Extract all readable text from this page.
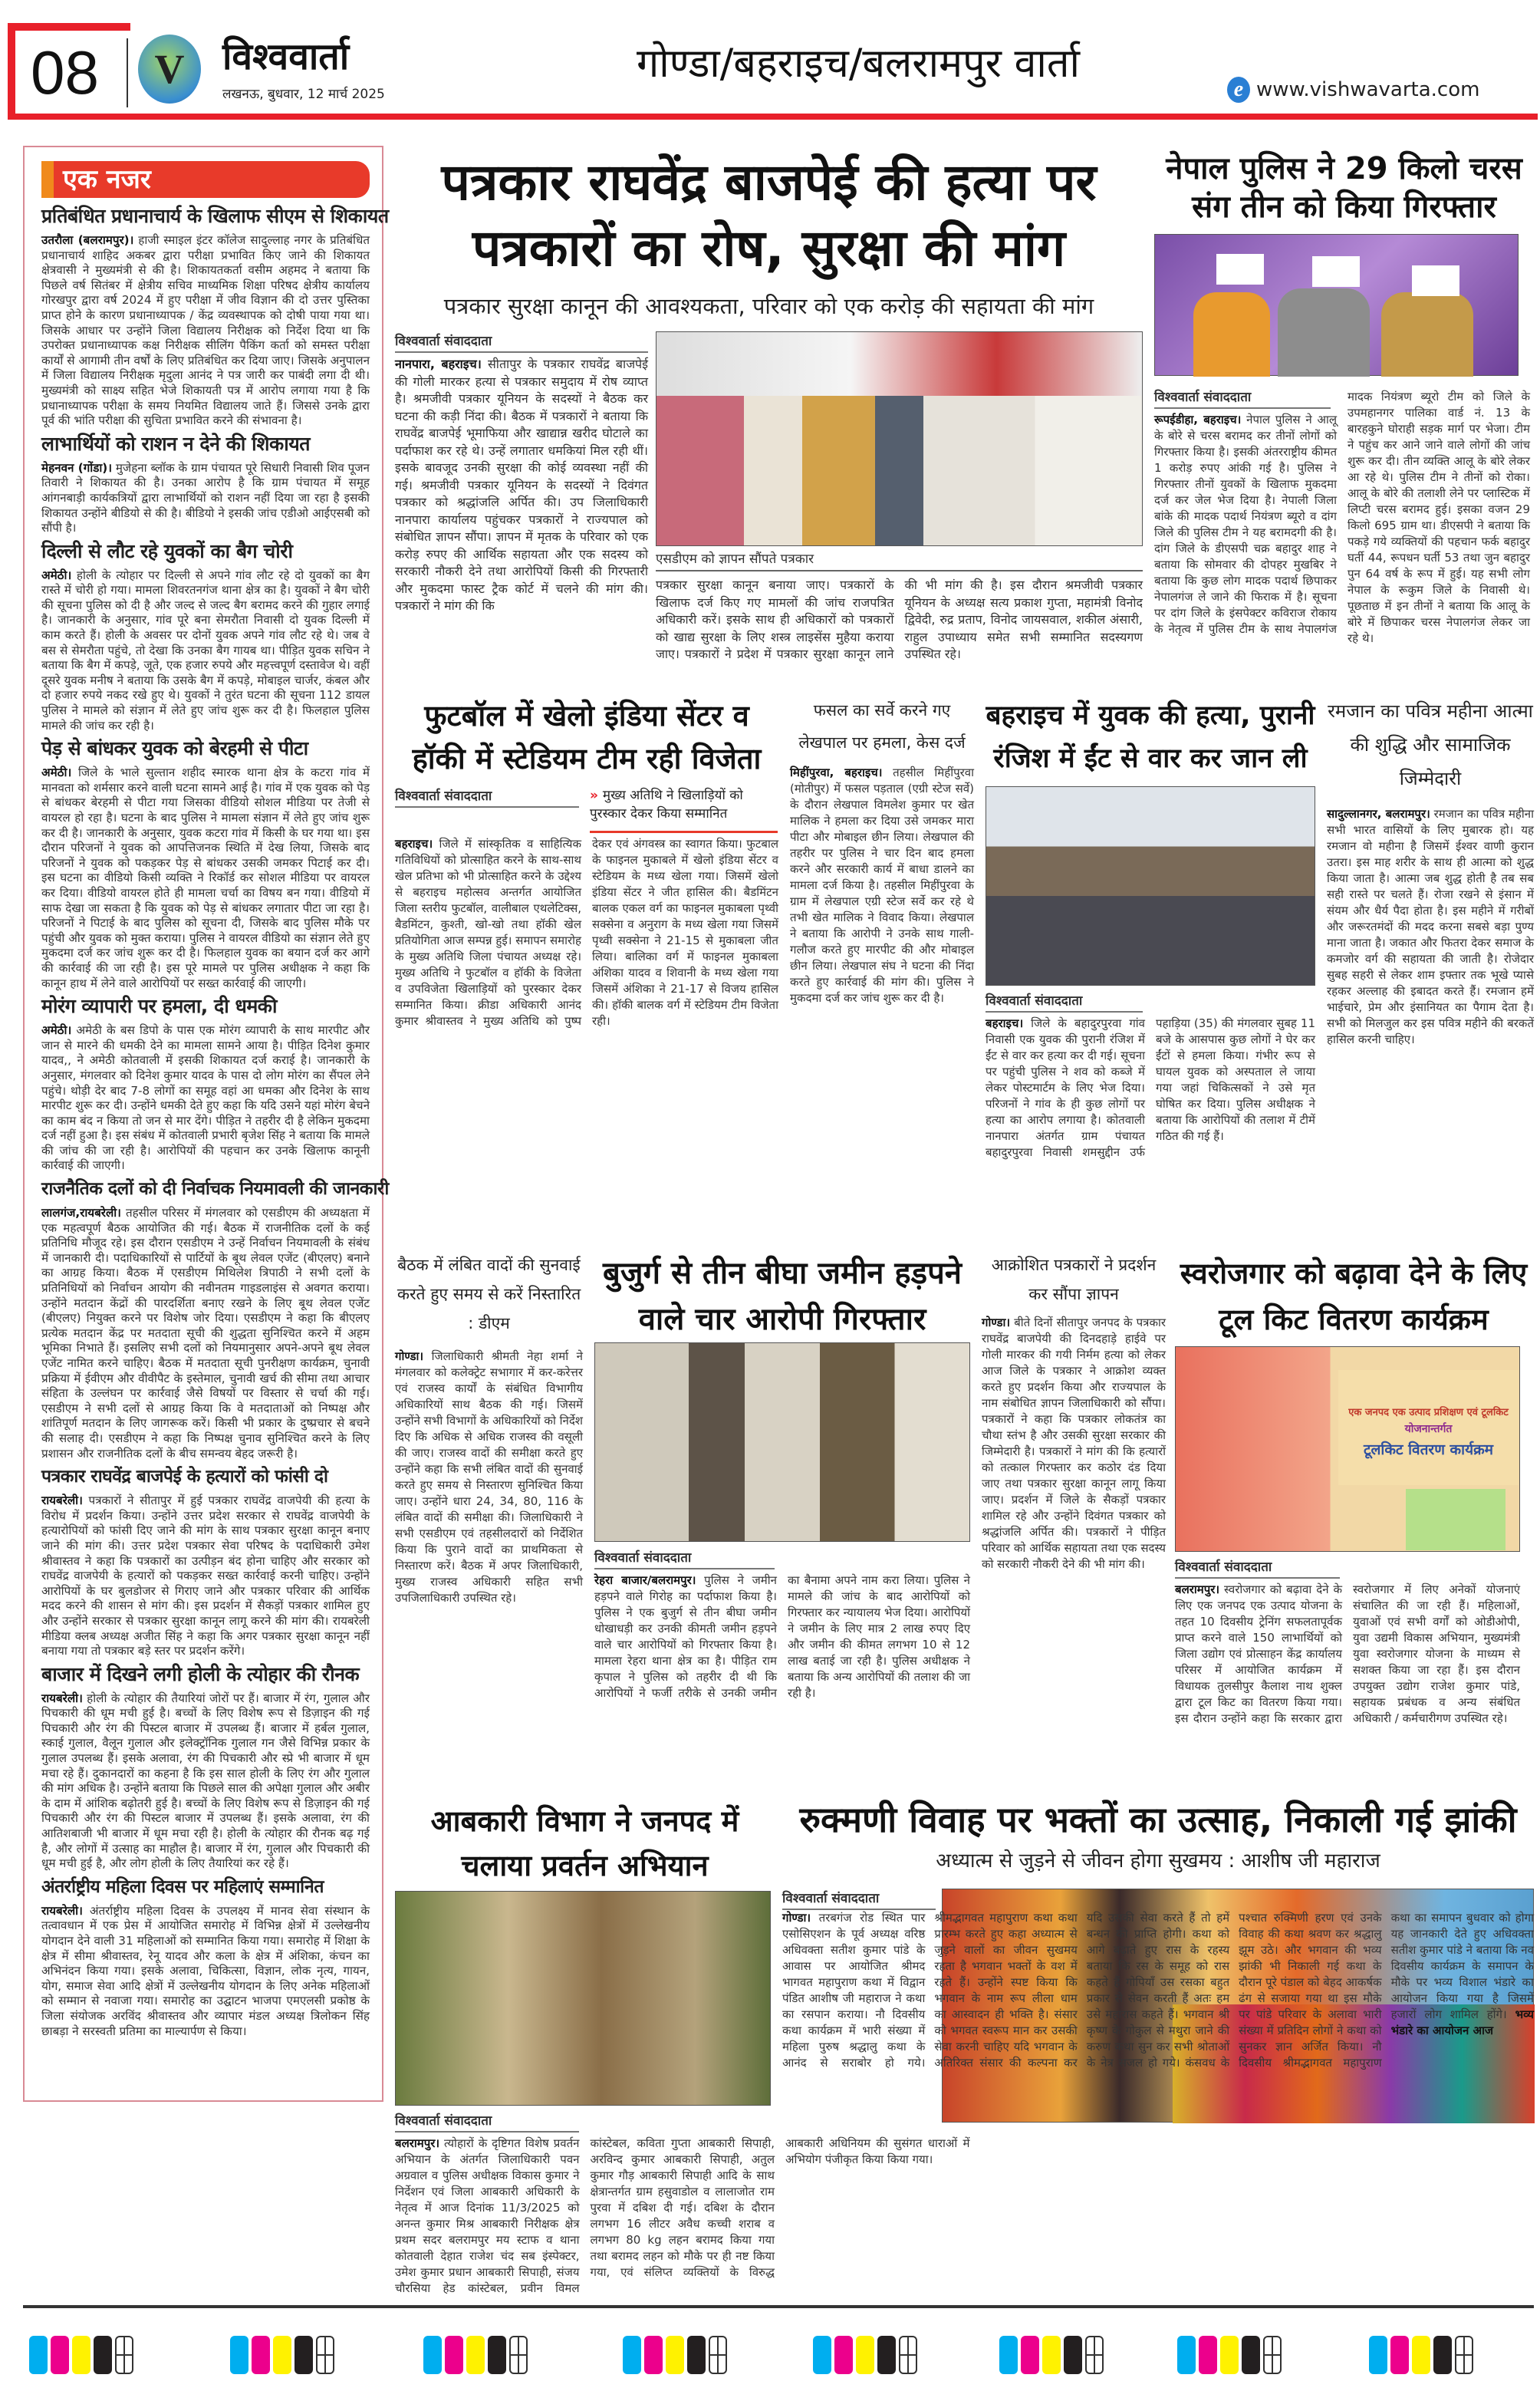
08	V	विश्ववार्ता
लखनऊ, बुधवार, 12 मार्च 2025
गोण्डा/बहराइच/बलरामपुर वार्ता
e www.vishwavarta.com
एक नजर
प्रतिबंधित प्रधानाचार्य के खिलाफ सीएम से शिकायत

उतरौला (बलरामपुर)। हाजी स्माइल इंटर कॉलेज सादुल्लाह नगर के प्रतिबंधित प्रधानाचार्य शाहिद अकबर द्वारा परीक्षा प्रभावित किए जाने की शिकायत क्षेत्रवासी ने मुख्यमंत्री से की है। शिकायतकर्ता वसीम अहमद ने बताया कि पिछले वर्ष सितंबर में क्षेत्रीय सचिव माध्यमिक शिक्षा परिषद क्षेत्रीय कार्यालय गोरखपुर द्वारा वर्ष 2024 में हुए परीक्षा में जीव विज्ञान की दो उत्तर पुस्तिका प्राप्त होने के कारण प्रधानाध्यापक / केंद्र व्यवस्थापक को दोषी पाया गया था। जिसके आधार पर उन्होंने जिला विद्यालय निरीक्षक को निर्देश दिया था कि उपरोक्त प्रधानाध्यापक कक्ष निरीक्षक सीलिंग पैकिंग कर्ता को समस्त परीक्षा कार्यों से आगामी तीन वर्षों के लिए प्रतिबंधित कर दिया जाए। जिसके अनुपालन में जिला विद्यालय निरीक्षक मृदुला आनंद ने पत्र जारी कर पाबंदी लगा दी थी। मुख्यमंत्री को साक्ष्य सहित भेजे शिकायती पत्र में आरोप लगाया गया है कि प्रधानाध्यापक परीक्षा के समय नियमित विद्यालय जाते हैं। जिससे उनके द्वारा पूर्व की भांति परीक्षा की सुचिता प्रभावित करने की संभावना है।

लाभार्थियों को राशन न देने की शिकायत

मेहनवन (गोंडा)। मुजेहना ब्लॉक के ग्राम पंचायत पूरे सिधारी निवासी शिव पूजन तिवारी ने शिकायत की है। उनका आरोप है कि ग्राम पंचायत में समूह आंगनबाड़ी कार्यकत्रियों द्वारा लाभार्थियों को राशन नहीं दिया जा रहा है इसकी शिकायत उन्होंने बीडियो से की है। बीडियो ने इसकी जांच एडीओ आईएसबी को सौंपी है।

दिल्ली से लौट रहे युवकों का बैग चोरी

अमेठी। होली के त्योहार पर दिल्ली से अपने गांव लौट रहे दो युवकों का बैग रास्ते में चोरी हो गया। मामला शिवरतनगंज थाना क्षेत्र का है। युवकों ने बैग चोरी की सूचना पुलिस को दी है और जल्द से जल्द बैग बरामद करने की गुहार लगाई है। जानकारी के अनुसार, गांव पूरे बना सेमरौता निवासी दो युवक दिल्ली में काम करते हैं। होली के अवसर पर दोनों युवक अपने गांव लौट रहे थे। जब वे बस से सेमरौता पहुंचे, तो देखा कि उनका बैग गायब था। पीड़ित युवक सचिन ने बताया कि बैग में कपड़े, जूते, एक हजार रुपये और महत्त्वपूर्ण दस्तावेज थे। वहीं दूसरे युवक मनीष ने बताया कि उसके बैग में कपड़े, मोबाइल चार्जर, कंबल और दो हजार रुपये नकद रखे हुए थे। युवकों ने तुरंत घटना की सूचना 112 डायल पुलिस ने मामले को संज्ञान में लेते हुए जांच शुरू कर दी है। फिलहाल पुलिस मामले की जांच कर रही है।

पेड़ से बांधकर युवक को बेरहमी से पीटा

अमेठी। जिले के भाले सुल्तान शहीद स्मारक थाना क्षेत्र के कटरा गांव में मानवता को शर्मसार करने वाली घटना सामने आई है। गांव में एक युवक को पेड़ से बांधकर बेरहमी से पीटा गया जिसका वीडियो सोशल मीडिया पर तेजी से वायरल हो रहा है। घटना के बाद पुलिस ने मामला संज्ञान में लेते हुए जांच शुरू कर दी है। जानकारी के अनुसार, युवक कटरा गांव में किसी के घर गया था। इस दौरान परिजनों ने युवक को आपत्तिजनक स्थिति में देख लिया, जिसके बाद परिजनों ने युवक को पकड़कर पेड़ से बांधकर उसकी जमकर पिटाई कर दी। इस घटना का वीडियो किसी व्यक्ति ने रिकॉर्ड कर सोशल मीडिया पर वायरल कर दिया। वीडियो वायरल होते ही मामला चर्चा का विषय बन गया। वीडियो में साफ देखा जा सकता है कि युवक को पेड़ से बांधकर लगातार पीटा जा रहा है। परिजनों ने पिटाई के बाद पुलिस को सूचना दी, जिसके बाद पुलिस मौके पर पहुंची और युवक को मुक्त कराया। पुलिस ने वायरल वीडियो का संज्ञान लेते हुए मुकदमा दर्ज कर जांच शुरू कर दी है। फिलहाल युवक का बयान दर्ज कर आगे की कार्रवाई की जा रही है। इस पूरे मामले पर पुलिस अधीक्षक ने कहा कि कानून हाथ में लेने वाले आरोपियों पर सख्त कार्रवाई की जाएगी।

मोरंग व्यापारी पर हमला, दी धमकी

अमेठी। अमेठी के बस डिपो के पास एक मोरंग व्यापारी के साथ मारपीट और जान से मारने की धमकी देने का मामला सामने आया है। पीड़ित दिनेश कुमार यादव,, ने अमेठी कोतवाली में इसकी शिकायत दर्ज कराई है। जानकारी के अनुसार, मंगलवार को दिनेश कुमार यादव के पास दो लोग मोरंग का सैंपल लेने पहुंचे। थोड़ी देर बाद 7-8 लोगों का समूह वहां आ धमका और दिनेश के साथ मारपीट शुरू कर दी। उन्होंने धमकी देते हुए कहा कि यदि उसने यहां मोरंग बेचने का काम बंद न किया तो जन से मार देंगे। पीड़ित ने तहरीर दी है लेकिन मुकदमा दर्ज नहीं हुआ है। इस संबंध में कोतवाली प्रभारी बृजेश सिंह ने बताया कि मामले की जांच की जा रही है। आरोपियों की पहचान कर उनके खिलाफ कानूनी कार्रवाई की जाएगी।

राजनैतिक दलों को दी निर्वाचक नियमावली की जानकारी

लालगंज,रायबरेली। तहसील परिसर में मंगलवार को एसडीएम की अध्यक्षता में एक महत्वपूर्ण बैठक आयोजित की गई। बैठक में राजनीतिक दलों के कई प्रतिनिधि मौजूद रहे। इस दौरान एसडीएम ने उन्हें निर्वाचन नियमावली के संबंध में जानकारी दी। पदाधिकारियों से पार्टियों के बूथ लेवल एजेंट (बीएलए) बनाने का आग्रह किया। बैठक में एसडीएम मिथिलेश त्रिपाठी ने सभी दलों के प्रतिनिधियों को निर्वाचन आयोग की नवीनतम गाइडलाइंस से अवगत कराया। उन्होंने मतदान केंद्रों की पारदर्शिता बनाए रखने के लिए बूथ लेवल एजेंट (बीएलए) नियुक्त करने पर विशेष जोर दिया। एसडीएम ने कहा कि बीएलए प्रत्येक मतदान केंद्र पर मतदाता सूची की शुद्धता सुनिश्चित करने में अहम भूमिका निभाते हैं। इसलिए सभी दलों को नियमानुसार अपने-अपने बूथ लेवल एजेंट नामित करने चाहिए। बैठक में मतदाता सूची पुनरीक्षण कार्यक्रम, चुनावी प्रक्रिया में ईवीएम और वीवीपैट के इस्तेमाल, चुनावी खर्च की सीमा तथा आचार संहिता के उल्लंघन पर कार्रवाई जैसे विषयों पर विस्तार से चर्चा की गई। एसडीएम ने सभी दलों से आग्रह किया कि वे मतदाताओं को निष्पक्ष और शांतिपूर्ण मतदान के लिए जागरूक करें। किसी भी प्रकार के दुष्प्रचार से बचने की सलाह दी। एसडीएम ने कहा कि निष्पक्ष चुनाव सुनिश्चित करने के लिए प्रशासन और राजनीतिक दलों के बीच समन्वय बेहद जरूरी है।

पत्रकार राघवेंद्र बाजपेई के हत्यारों को फांसी दो

रायबरेली। पत्रकारों ने सीतापुर में हुई पत्रकार राघवेंद्र वाजपेयी की हत्या के विरोध में प्रदर्शन किया। उन्होंने उत्तर प्रदेश सरकार से राघवेंद्र वाजपेयी के हत्यारोपियों को फांसी दिए जाने की मांग के साथ पत्रकार सुरक्षा कानून बनाए जाने की मांग की। उत्तर प्रदेश पत्रकार सेवा परिषद के पदाधिकारी उमेश श्रीवास्तव ने कहा कि पत्रकारों का उत्पीड़न बंद होना चाहिए और सरकार को राघवेंद्र वाजपेयी के हत्यारों को पकड़कर सख्त कार्रवाई करनी चाहिए। उन्होंने आरोपियों के घर बुलडोजर से गिराए जाने और पत्रकार परिवार की आर्थिक मदद करने की शासन से मांग की। इस प्रदर्शन में सैकड़ों पत्रकार शामिल हुए और उन्होंने सरकार से पत्रकार सुरक्षा कानून लागू करने की मांग की। रायबरेली मीडिया क्लब अध्यक्ष अजीत सिंह ने कहा कि अगर पत्रकार सुरक्षा कानून नहीं बनाया गया तो पत्रकार बड़े स्तर पर प्रदर्शन करेंगे।

बाजार में दिखने लगी होली के त्योहार की रौनक

रायबरेली। होली के त्योहार की तैयारियां जोरों पर हैं। बाजार में रंग, गुलाल और पिचकारी की धूम मची हुई है। बच्चों के लिए विशेष रूप से डिज़ाइन की गई पिचकारी और रंग की पिस्टल बाजार में उपलब्ध हैं। बाजार में हर्बल गुलाल, स्काई गुलाल, वैलून गुलाल और इलेक्ट्रॉनिक गुलाल गन जैसे विभिन्न प्रकार के गुलाल उपलब्ध हैं। इसके अलावा, रंग की पिचकारी और स्प्रे भी बाजार में धूम मचा रहे हैं। दुकानदारों का कहना है कि इस साल होली के लिए रंग और गुलाल की मांग अधिक है। उन्होंने बताया कि पिछले साल की अपेक्षा गुलाल और अबीर के दाम में आंशिक बढ़ोतरी हुई है। बच्चों के लिए विशेष रूप से डिज़ाइन की गई पिचकारी और रंग की पिस्टल बाजार में उपलब्ध हैं। इसके अलावा, रंग की आतिशबाजी भी बाजार में धूम मचा रही है। होली के त्योहार की रौनक बढ़ गई है, और लोगों में उत्साह का माहौल है। बाजार में रंग, गुलाल और पिचकारी की धूम मची हुई है, और लोग होली के लिए तैयारियां कर रहे हैं।

अंतर्राष्ट्रीय महिला दिवस पर महिलाएं सम्मानित

रायबरेली। अंतर्राष्ट्रीय महिला दिवस के उपलक्ष्य में मानव सेवा संस्थान के तत्वावधान में एक प्रेस में आयोजित समारोह में विभिन्न क्षेत्रों में उल्लेखनीय योगदान देने वाली 31 महिलाओं को सम्मानित किया गया। समारोह में शिक्षा के क्षेत्र में सीमा श्रीवास्तव, रेनू यादव और कला के क्षेत्र में अंशिका, कंचन का अभिनंदन किया गया। इसके अलावा, चिकित्सा, विज्ञान, लोक नृत्य, गायन, योग, समाज सेवा आदि क्षेत्रों में उल्लेखनीय योगदान के लिए अनेक महिलाओं को सम्मान से नवाजा गया। समारोह का उद्घाटन भाजपा एमएलसी प्रकोष्ठ के जिला संयोजक अरविंद श्रीवास्तव और व्यापार मंडल अध्यक्ष त्रिलोकन सिंह छाबड़ा ने सरस्वती प्रतिमा का माल्यार्पण से किया।

पत्रकार राघवेंद्र बाजपेई की हत्या पर
पत्रकारों का रोष, सुरक्षा की मांग
पत्रकार सुरक्षा कानून की आवश्यकता, परिवार को एक करोड़ की सहायता की मांग
विश्ववार्ता संवाददाता

नानपारा, बहराइच। सीतापुर के पत्रकार राघवेंद्र बाजपेई की गोली मारकर हत्या से पत्रकार समुदाय में रोष व्याप्त है। श्रमजीवी पत्रकार यूनियन के सदस्यों ने बैठक कर घटना की कड़ी निंदा की। बैठक में पत्रकारों ने बताया कि राघवेंद्र बाजपेई भूमाफिया और खाद्यान्न खरीद घोटाले का पर्दाफाश कर रहे थे। उन्हें लगातार धमकियां मिल रही थीं। इसके बावजूद उनकी सुरक्षा की कोई व्यवस्था नहीं की गई। श्रमजीवी पत्रकार यूनियन के सदस्यों ने दिवंगत पत्रकार को श्रद्धांजलि अर्पित की। उप जिलाधिकारी नानपारा कार्यालय पहुंचकर पत्रकारों ने राज्यपाल को संबोधित ज्ञापन सौंपा। ज्ञापन में मृतक के परिवार को एक करोड़ रुपए की आर्थिक सहायता और एक सदस्य को सरकारी नौकरी देने तथा आरोपियों किसी की गिरफ्तारी और मुकदमा फास्ट ट्रैक कोर्ट में चलने की मांग की। पत्रकारों ने मांग की कि

एसडीएम को ज्ञापन सौंपते पत्रकार

पत्रकार सुरक्षा कानून बनाया जाए। पत्रकारों के खिलाफ दर्ज किए गए मामलों की जांच राजपत्रित अधिकारी करें। इसके साथ ही अधिकारों को पत्रकारों को खाद्य सुरक्षा के लिए शस्त्र लाइसेंस मुहैया कराया जाए। पत्रकारों ने प्रदेश में पत्रकार सुरक्षा कानून लाने की भी मांग की है। इस दौरान श्रमजीवी पत्रकार यूनियन के अध्यक्ष सत्य प्रकाश गुप्ता, महामंत्री विनोद द्विवेदी, रुद्र प्रताप, विनोद जायसवाल, शकील अंसारी, राहुल उपाध्याय समेत सभी सम्मानित सदस्यगण उपस्थित रहे।

नेपाल पुलिस ने 29 किलो चरस संग तीन को किया गिरफ्तार
विश्ववार्ता संवाददाता

रूपईडीहा, बहराइच। नेपाल पुलिस ने आलू के बोरे से चरस बरामद कर तीनों लोगों को गिरफ्तार किया है। इसकी अंतरराष्ट्रीय कीमत 1 करोड़ रुपए आंकी गई है। पुलिस ने गिरफ्तार तीनों युवकों के खिलाफ मुकदमा दर्ज कर जेल भेज दिया है। नेपाली जिला बांके की मादक पदार्थ नियंत्रण ब्यूरो व दांग जिले की पुलिस टीम ने यह बरामदगी की है। दांग जिले के डीएसपी चक्र बहादुर शाह ने बताया कि सोमवार की दोपहर मुखबिर ने बताया कि कुछ लोग मादक पदार्थ छिपाकर नेपालगंज ले जाने की फिराक में है। सूचना पर दांग जिले के इंसपेक्टर कविराज रोकाय के नेतृत्व में पुलिस टीम के साथ नेपालगंज मादक नियंत्रण ब्यूरो टीम को जिले के उपमहानगर पालिका वार्ड नं. 13 के बारहकुने घोराही सड़क मार्ग पर भेजा। टीम ने पहुंच कर आने जाने वाले लोगों की जांच शुरू कर दी। तीन व्यक्ति आलू के बोरे लेकर आ रहे थे। पुलिस टीम ने तीनों को रोका। आलू के बोरे की तलाशी लेने पर प्लास्टिक में लिप्टी चरस बरामद हुई। इसका वजन 29 किलो 695 ग्राम था। डीएसपी ने बताया कि पकड़े गये व्यक्तियों की पहचान फर्क बहादुर घर्ती 44, रूपधन घर्ती 53 तथा जुन बहादुर पुन 64 वर्ष के रूप में हुई। यह सभी लोग नेपाल के रूकुम जिले के निवासी थे। पूछताछ में इन तीनों ने बताया कि आलू के बोरे में छिपाकर चरस नेपालगंज लेकर जा रहे थे।

फुटबॉल में खेलो इंडिया सेंटर व हॉकी में स्टेडियम टीम रही विजेता
विश्ववार्ता संवाददाता	» मुख्य अतिथि ने खिलाड़ियों को पुरस्कार देकर किया सम्मानित

बहराइच। जिले में सांस्कृतिक व साहित्यिक गतिविधियों को प्रोत्साहित करने के साथ-साथ खेल प्रतिभा को भी प्रोत्साहित करने के उद्देश्य से बहराइच महोत्सव अन्तर्गत आयोजित जिला स्तरीय फुटबॉल, वालीबाल एथलेटिक्स, बैडमिंटन, कुश्ती, खो-खो तथा हॉकी खेल प्रतियोगिता आज सम्पन्न हुई। समापन समारोह के मुख्य अतिथि जिला पंचायत अध्यक्ष रहे। मुख्य अतिथि ने फुटबॉल व हॉकी के विजेता व उपविजेता खिलाड़ियों को पुरस्कार देकर सम्मानित किया। क्रीडा अधिकारी आनंद कुमार श्रीवास्तव ने मुख्य अतिथि को पुष्प देकर एवं अंगवस्त्र का स्वागत किया। फुटबाल के फाइनल मुकाबले में खेलो इंडिया सेंटर व स्टेडियम के मध्य खेला गया। जिसमें खेलो इंडिया सेंटर ने जीत हासिल की। बैडमिंटन बालक एकल वर्ग का फाइनल मुकाबला पृथ्वी सक्सेना व अनुराग के मध्य खेला गया जिसमें पृथ्वी सक्सेना ने 21-15 से मुकाबला जीत लिया। बालिका वर्ग में फाइनल मुकाबला अंशिका यादव व शिवानी के मध्य खेला गया जिसमें अंशिका ने 21-17 से विजय हासिल की। हॉकी बालक वर्ग में स्टेडियम टीम विजेता रही।

फसल का सर्वे करने गए लेखपाल पर हमला, केस दर्ज

मिहींपुरवा, बहराइच। तहसील मिहींपुरवा (मोतीपुर) में फसल पड़ताल (एग्री स्टेज सर्वे) के दौरान लेखपाल विमलेश कुमार पर खेत मालिक ने हमला कर दिया उसे जमकर मारा पीटा और मोबाइल छीन लिया। लेखपाल की तहरीर पर पुलिस ने चार दिन बाद हमला करने और सरकारी कार्य में बाधा डालने का मामला दर्ज किया है। तहसील मिहींपुरवा के ग्राम में लेखपाल एग्री स्टेज सर्वे कर रहे थे तभी खेत मालिक ने विवाद किया। लेखपाल ने बताया कि आरोपी ने उनके साथ गाली-गलौज करते हुए मारपीट की और मोबाइल छीन लिया। लेखपाल संघ ने घटना की निंदा करते हुए कार्रवाई की मांग की। पुलिस ने मुकदमा दर्ज कर जांच शुरू कर दी है।

बहराइच में युवक की हत्या, पुरानी रंजिश में ईंट से वार कर जान ली
विश्ववार्ता संवाददाता

बहराइच। जिले के बहादुरपुरवा गांव निवासी एक युवक की पुरानी रंजिश में ईंट से वार कर हत्या कर दी गई। सूचना पर पहुंची पुलिस ने शव को कब्जे में लेकर पोस्टमार्टम के लिए भेज दिया। परिजनों ने गांव के ही कुछ लोगों पर हत्या का आरोप लगाया है। कोतवाली नानपारा अंतर्गत ग्राम पंचायत बहादुरपुरवा निवासी शमसुद्दीन उर्फ पहाड़िया (35) की मंगलवार सुबह 11 बजे के आसपास कुछ लोगों ने घेर कर ईंटों से हमला किया। गंभीर रूप से घायल युवक को अस्पताल ले जाया गया जहां चिकित्सकों ने उसे मृत घोषित कर दिया। पुलिस अधीक्षक ने बताया कि आरोपियों की तलाश में टीमें गठित की गई हैं।

रमजान का पवित्र महीना आत्मा की शुद्धि और सामाजिक जिम्मेदारी

सादुल्लानगर, बलरामपुर। रमजान का पवित्र महीना सभी भारत वासियों के लिए मुबारक हो। यह रमजान वो महीना है जिसमें ईश्वर वाणी कुरान उतरा। इस माह शरीर के साथ ही आत्मा को शुद्ध किया जाता है। आत्मा जब शुद्ध होती है तब सब सही रास्ते पर चलते हैं। रोजा रखने से इंसान में संयम और धैर्य पैदा होता है। इस महीने में गरीबों और जरूरतमंदों की मदद करना सबसे बड़ा पुण्य माना जाता है। जकात और फितरा देकर समाज के कमजोर वर्ग की सहायता की जाती है। रोजेदार सुबह सहरी से लेकर शाम इफ्तार तक भूखे प्यासे रहकर अल्लाह की इबादत करते हैं। रमजान हमें भाईचारे, प्रेम और इंसानियत का पैगाम देता है। सभी को मिलजुल कर इस पवित्र महीने की बरकतें हासिल करनी चाहिए।

बैठक में लंबित वादों की सुनवाई करते हुए समय से करें निस्तारित : डीएम

गोण्डा। जिलाधिकारी श्रीमती नेहा शर्मा ने मंगलवार को कलेक्ट्रेट सभागार में कर-करेत्तर एवं राजस्व कार्यों के संबंधित विभागीय अधिकारियों साथ बैठक की गई। जिसमें उन्होंने सभी विभागों के अधिकारियों को निर्देश दिए कि अधिक से अधिक राजस्व की वसूली की जाए। राजस्व वादों की समीक्षा करते हुए उन्होंने कहा कि सभी लंबित वादों की सुनवाई करते हुए समय से निस्तारण सुनिश्चित किया जाए। उन्होंने धारा 24, 34, 80, 116 के लंबित वादों की समीक्षा की। जिलाधिकारी ने सभी एसडीएम एवं तहसीलदारों को निर्देशित किया कि पुराने वादों का प्राथमिकता से निस्तारण करें। बैठक में अपर जिलाधिकारी, मुख्य राजस्व अधिकारी सहित सभी उपजिलाधिकारी उपस्थित रहे।

बुजुर्ग से तीन बीघा जमीन हड़पने वाले चार आरोपी गिरफ्तार
विश्ववार्ता संवाददाता

रेहरा बाजार/बलरामपुर। पुलिस ने जमीन हड़पने वाले गिरोह का पर्दाफाश किया है। पुलिस ने एक बुजुर्ग से तीन बीघा जमीन धोखाधड़ी कर उनकी कीमती जमीन हड़पने वाले चार आरोपियों को गिरफ्तार किया है। मामला रेहरा थाना क्षेत्र का है। पीड़ित राम कृपाल ने पुलिस को तहरीर दी थी कि आरोपियों ने फर्जी तरीके से उनकी जमीन का बैनामा अपने नाम करा लिया। पुलिस ने मामले की जांच के बाद आरोपियों को गिरफ्तार कर न्यायालय भेज दिया। आरोपियों ने जमीन के लिए मात्र 2 लाख रुपए दिए और जमीन की कीमत लगभग 10 से 12 लाख बताई जा रही है। पुलिस अधीक्षक ने बताया कि अन्य आरोपियों की तलाश की जा रही है।

आक्रोशित पत्रकारों ने प्रदर्शन कर सौंपा ज्ञापन

गोण्डा। बीते दिनों सीतापुर जनपद के पत्रकार राघवेंद्र बाजपेयी की दिनदहाड़े हाईवे पर गोली मारकर की गयी निर्मम हत्या को लेकर आज जिले के पत्रकार ने आक्रोश व्यक्त करते हुए प्रदर्शन किया और राज्यपाल के नाम संबोधित ज्ञापन जिलाधिकारी को सौंपा। पत्रकारों ने कहा कि पत्रकार लोकतंत्र का चौथा स्तंभ है और उसकी सुरक्षा सरकार की जिम्मेदारी है। पत्रकारों ने मांग की कि हत्यारों को तत्काल गिरफ्तार कर कठोर दंड दिया जाए तथा पत्रकार सुरक्षा कानून लागू किया जाए। प्रदर्शन में जिले के सैकड़ों पत्रकार शामिल रहे और उन्होंने दिवंगत पत्रकार को श्रद्धांजलि अर्पित की। पत्रकारों ने पीड़ित परिवार को आर्थिक सहायता तथा एक सदस्य को सरकारी नौकरी देने की भी मांग की।

स्वरोजगार को बढ़ावा देने के लिए टूल किट वितरण कार्यक्रम
एक जनपद एक उत्पाद प्रशिक्षण एवं टूलकिट
योजनान्तर्गत
टूलकिट वितरण कार्यक्रम
विश्ववार्ता संवाददाता

बलरामपुर। स्वरोजगार को बढ़ावा देने के लिए एक जनपद एक उत्पाद योजना के तहत 10 दिवसीय ट्रेनिंग सफलतापूर्वक प्राप्त करने वाले 150 लाभार्थियों को जिला उद्योग एवं प्रोत्साहन केंद्र कार्यालय परिसर में आयोजित कार्यक्रम में विधायक तुलसीपुर कैलाश नाथ शुक्ल द्वारा टूल किट का वितरण किया गया। इस दौरान उन्होंने कहा कि सरकार द्वारा स्वरोजगार में लिए अनेकों योजनाएं संचालित की जा रही हैं। महिलाओं, युवाओं एवं सभी वर्गों को ओडीओपी, युवा उद्यमी विकास अभियान, मुख्यमंत्री युवा स्वरोजगार योजना के माध्यम से सशक्त किया जा रहा हैं। इस दौरान उपयुक्त उद्योग राजेश कुमार पांडे, सहायक प्रबंधक व अन्य संबंधित अधिकारी / कर्मचारीगण उपस्थित रहे।

आबकारी विभाग ने जनपद में चलाया प्रवर्तन अभियान
विश्ववार्ता संवाददाता

बलरामपुर। त्योहारों के दृष्टिगत विशेष प्रवर्तन अभियान के अंतर्गत जिलाधिकारी पवन अग्रवाल व पुलिस अधीक्षक विकास कुमार ने निर्देशन एवं जिला आबकारी अधिकारी के नेतृत्व में आज दिनांक 11/3/2025 को अनन्त कुमार मिश्र आबकारी निरीक्षक क्षेत्र प्रथम सदर बलरामपुर मय स्टाफ व थाना कोतवाली देहात राजेश चंद सब इंस्पेक्टर, उमेश कुमार प्रधान आबकारी सिपाही, संजय चौरसिया हेड कांस्टेबल, प्रवीन विमल कांस्टेबल, कविता गुप्ता आबकारी सिपाही, अरविन्द कुमार आबकारी सिपाही, अतुल कुमार गौड़ आबकारी सिपाही आदि के साथ क्षेत्रान्तर्गत ग्राम हसुवाडोल व लालाजोत राम पुरवा में दबिश दी गई। दबिश के दौरान लगभग 16 लीटर अवैध कच्ची शराब व लगभग 80 kg लहन बरामद किया गया तथा बरामद लहन को मौके पर ही नष्ट किया गया, एवं संलिप्त व्यक्तियों के विरुद्ध आबकारी अधिनियम की सुसंगत धाराओं में अभियोग पंजीकृत किया किया गया।

रुक्मणी विवाह पर भक्तों का उत्साह, निकाली गई झांकी
अध्यात्म से जुड़ने से जीवन होगा सुखमय : आशीष जी महाराज
विश्ववार्ता संवाददाता

गोण्डा। तरबगंज रोड स्थित पार एसोसिएशन के पूर्व अध्यक्ष वरिष्ठ अधिवक्ता सतीश कुमार पांडे के आवास पर आयोजित श्रीमद भागवत महापुराण कथा में विद्वान पंडित आशीष जी महाराज ने कथा का रसपान कराया। नौ दिवसीय कथा कार्यक्रम में भारी संख्या में महिला पुरुष श्रद्धालु कथा के आनंद से सराबोर हो गये। श्रीमद्भागवत महापुराण कथा कथा प्रारम्भ करते हुए कहा अध्यात्म से जुड़ने वालों का जीवन सुखमय रहता है भगवान भक्तों के वश में रहते हैं। उन्होंने स्पष्ट किया कि भगवान के नाम रूप लीला धाम का आस्वादन ही भक्ति है। संसार को भगवत स्वरूप मान कर उसकी सेवा करनी चाहिए यदि भगवान के अतिरिक्त संसार की कल्पना कर यदि उसकी सेवा करते हैं तो हमें बन्धन की प्राप्ति होगी। कथा को आगे बढ़ाते हुए रास के रहस्य बताया कि रस के समूह को रास कहते हैं गोपियाँ उस रसका बहुत प्रकार से सेवन करती हैं अतः हम उसे महारास कहते हैं। भगवान श्री कृष्ण के गोकुल से मथुरा जाने की करुण कथा सुन कर सभी श्रोताओं के नेत्र सजल हो गये। कंसवध के पश्चात रुक्मिणी हरण एवं उनके विवाह की कथा श्रवण कर श्रद्धालु झूम उठे। और भगवान की भव्य झांकी भी निकाली गई कथा के दौरान पूरे पंडाल को बेहद आकर्षक ढंग से सजाया गया था इस मौके पर पांडे परिवार के अलावा भारी संख्या में प्रतिदिन लोगों ने कथा को सुनकर ज्ञान अर्जित किया। नौ दिवसीय श्रीमद्भागवत महापुराण कथा का समापन बुधवार को होगा यह जानकारी देते हुए अधिवक्ता सतीश कुमार पांडे ने बताया कि नव दिवसीय कार्यक्रम के समापन के मौके पर भव्य विशाल भंडारे का आयोजन किया गया है जिसमें हजारों लोग शामिल होंगे। भव्य भंडारे का आयोजन आज
